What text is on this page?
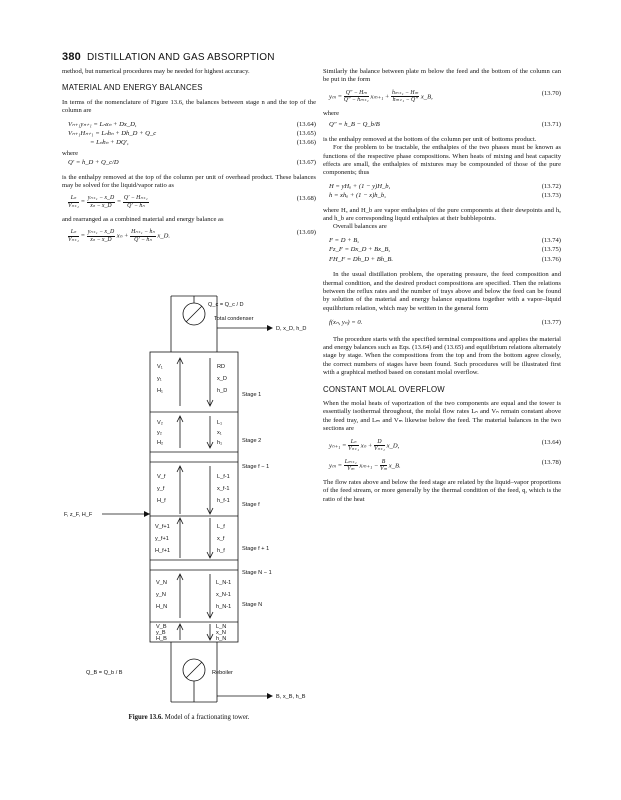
380 DISTILLATION AND GAS ABSORPTION

method, but numerical procedures may be needed for highest accuracy.

MATERIAL AND ENERGY BALANCES

In terms of the nomenclature of Figure 13.6, the balances between stage n and the top of the column are

Vₙ₊₁yₙ₊₁ = Lₙxₙ + Dx_D,	(13.64)
Vₙ₊₁Hₙ₊₁ = Lₙhₙ + Dh_D + Q_c	(13.65)
= Lₙhₙ + DQ′,	(13.66)

where

Q′ = h_D + Q_c/D	(13.67)

is the enthalpy removed at the top of the column per unit of overhead product. These balances may be solved for the liquid/vapor ratio as

$\frac{\text{Lₙ}}{\text{Vₙ₊₁}} = \frac{\text{yₙ₊₁ − x\_D}}{\text{xₙ − x\_D}} = \frac{\text{Q′ − Hₙ₊₁}}{\text{Q′ − hₙ}}$	(13.68)

and rearranged as a combined material and energy balance as

$\frac{\text{Lₙ}}{\text{Vₙ₊₁}} = \frac{\text{yₙ₊₁ − x\_D}}{\text{xₙ − x\_D}}$ $x_n + \frac{\text{Hₙ₊₁ − hₙ}}{\text{Q′ − hₙ}}$ x_D.
(13.69)
Q_c = Q_c / D
Total condenser
D, x_D, h_D
Stage 1
Stage 2
Stage f − 1
Stage f
Stage f + 1
Stage N − 1
Stage N
Reboiler
F, z_F, H_F
B, x_B, h_B
Q_B = Q_b / B
V₁
y₁
H₁
RD
x_D
h_D
V₂
y₂
H₂
L₁
x₁
h₁
V_f
y_f
H_f
L_f-1
x_f-1
h_f-1
V_f+1
y_f+1
H_f+1
L_f
x_f
h_f
V_N
y_N
H_N
L_N-1
x_N-1
h_N-1
V_B
y_B
H_B
L_N
x_N
h_N
Figure 13.6. Model of a fractionating tower.

Similarly the balance between plate m below the feed and the bottom of the column can be put in the form

$y_m = \frac{\text{Q″ − Hₘ}}{\text{Q″ − hₘ₊₁}} x_{m+1} + \frac{\text{hₘ₊₁ − Hₘ}}{\text{hₘ₊₁ − Q″}}$ x_B,
(13.70)

where

Q″ = h_B − Q_b/B	(13.71)

is the enthalpy removed at the bottom of the column per unit of bottoms product.

For the problem to be tractable, the enthalpies of the two phases must be known as functions of the respective phase compositions. When heats of mixing and heat capacity effects are small, the enthalpies of mixtures may be compounded of those of the pure components; thus

H = yHₐ + (1 − y)H_b,	(13.72)
h = xhₐ + (1 − x)h_b,	(13.73)

where Hₐ and H_b are vapor enthalpies of the pure components at their dewpoints and hₐ and h_b are corresponding liquid enthalpies at their bubblepoints.

Overall balances are

F = D + B,	(13.74)
Fz_F = Dx_D + Bx_B,	(13.75)
FH_F = Dh_D + Bh_B.	(13.76)

In the usual distillation problem, the operating pressure, the feed composition and thermal condition, and the desired product compositions are specified. Then the relations between the reflux rates and the number of trays above and below the feed can be found by solution of the material and energy balance equations together with a vapor–liquid equilibrium relation, which may be written in the general form

f(xₙ, yₙ) = 0.	(13.77)

The procedure starts with the specified terminal compositions and applies the material and energy balances such as Eqs. (13.64) and (13.65) and equilibrium relations alternately stage by stage. When the compositions from the top and from the bottom agree closely, the correct numbers of stages have been found. Such procedures will be illustrated first with a graphical method based on constant molal overflow.

CONSTANT MOLAL OVERFLOW

When the molal heats of vaporization of the two components are equal and the tower is essentially isothermal throughout, the molal flow rates Lₙ and Vₙ remain constant above the feed tray, and Lₘ and Vₘ likewise below the feed. The material balances in the two sections are

$y_{n+1} = \frac{\text{Lₙ}}{\text{Vₙ₊₁}}$ $x_n + \frac{D}{\text{Vₙ₊₁}}$ x_D,
(13.64)
$y_m = \frac{\text{Lₘ₊₁}}{\text{Vₘ}} x_{m+1} - \frac{B}{\text{Vₘ}}$ x_B.
(13.78)

The flow rates above and below the feed stage are related by the liquid–vapor proportions of the feed stream, or more generally by the thermal condition of the feed, q, which is the ratio of the heat
